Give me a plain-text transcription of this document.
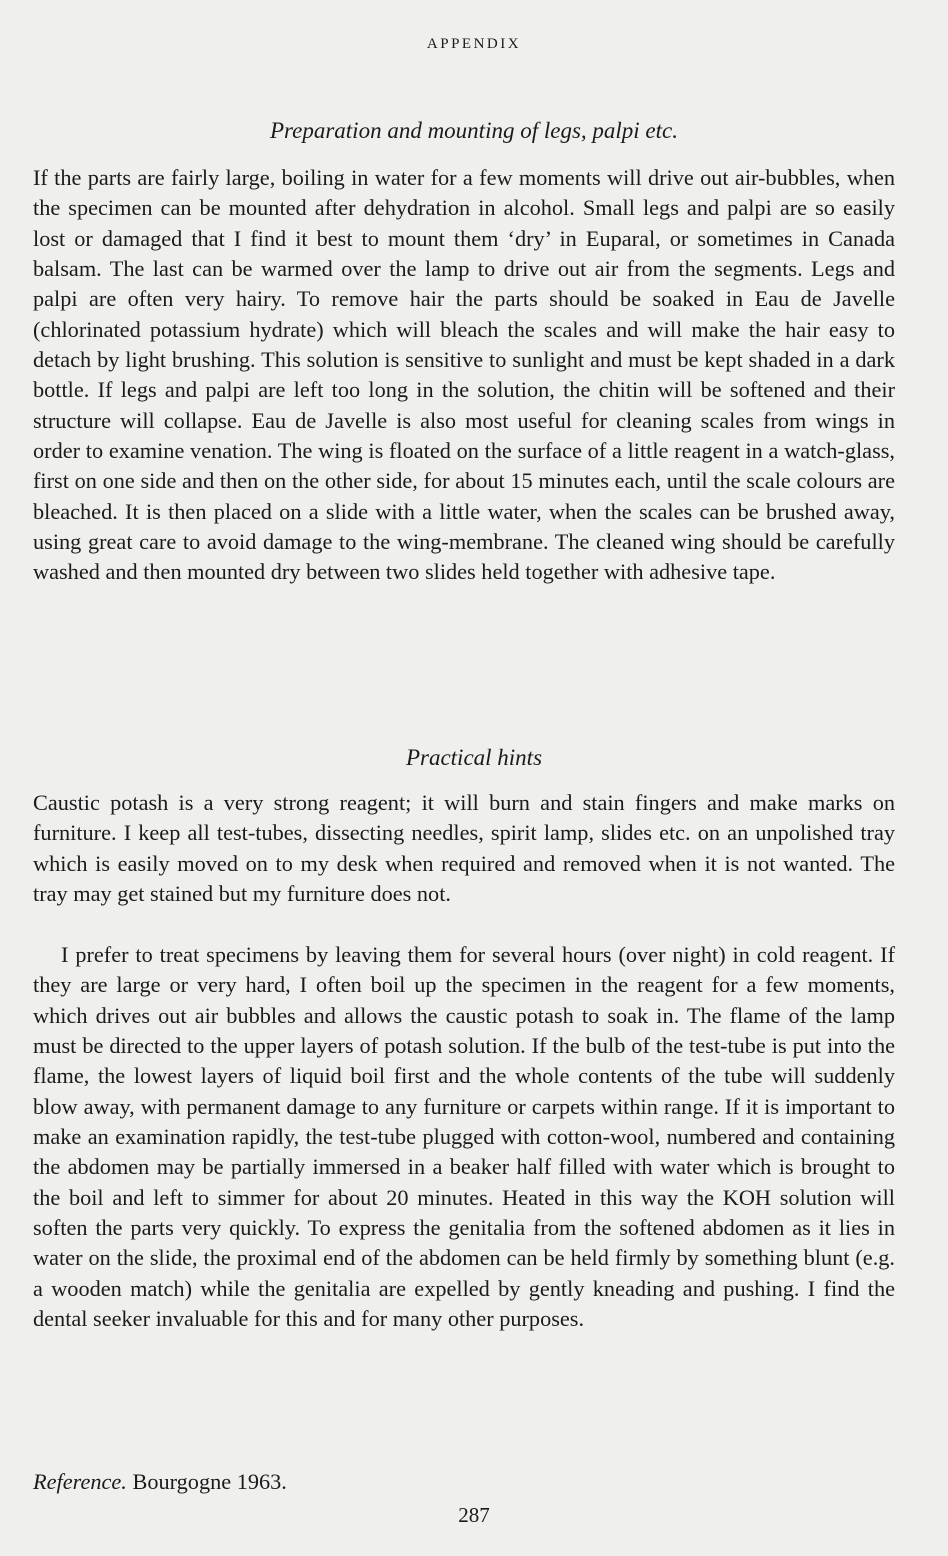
APPENDIX
Preparation and mounting of legs, palpi etc.
If the parts are fairly large, boiling in water for a few moments will drive out air-bubbles, when the specimen can be mounted after dehydration in alcohol. Small legs and palpi are so easily lost or damaged that I find it best to mount them ‘dry’ in Euparal, or sometimes in Canada balsam. The last can be warmed over the lamp to drive out air from the segments. Legs and palpi are often very hairy. To remove hair the parts should be soaked in Eau de Javelle (chlorinated potassium hydrate) which will bleach the scales and will make the hair easy to detach by light brushing. This solution is sensitive to sunlight and must be kept shaded in a dark bottle. If legs and palpi are left too long in the solution, the chitin will be softened and their structure will collapse. Eau de Javelle is also most useful for cleaning scales from wings in order to examine venation. The wing is floated on the surface of a little reagent in a watch-glass, first on one side and then on the other side, for about 15 minutes each, until the scale colours are bleached. It is then placed on a slide with a little water, when the scales can be brushed away, using great care to avoid damage to the wing-membrane. The cleaned wing should be carefully washed and then mounted dry between two slides held together with adhesive tape.
Practical hints
Caustic potash is a very strong reagent; it will burn and stain fingers and make marks on furniture. I keep all test-tubes, dissecting needles, spirit lamp, slides etc. on an unpolished tray which is easily moved on to my desk when required and removed when it is not wanted. The tray may get stained but my furniture does not.
I prefer to treat specimens by leaving them for several hours (over night) in cold reagent. If they are large or very hard, I often boil up the specimen in the reagent for a few moments, which drives out air bubbles and allows the caustic potash to soak in. The flame of the lamp must be directed to the upper layers of potash solution. If the bulb of the test-tube is put into the flame, the lowest layers of liquid boil first and the whole contents of the tube will suddenly blow away, with permanent damage to any furniture or carpets within range. If it is important to make an examination rapidly, the test-tube plugged with cotton-wool, numbered and containing the abdomen may be partially immersed in a beaker half filled with water which is brought to the boil and left to simmer for about 20 minutes. Heated in this way the KOH solution will soften the parts very quickly. To express the genitalia from the softened abdomen as it lies in water on the slide, the proximal end of the abdomen can be held firmly by something blunt (e.g. a wooden match) while the genitalia are expelled by gently kneading and pushing. I find the dental seeker invaluable for this and for many other purposes.
Reference. Bourgogne 1963.
287
